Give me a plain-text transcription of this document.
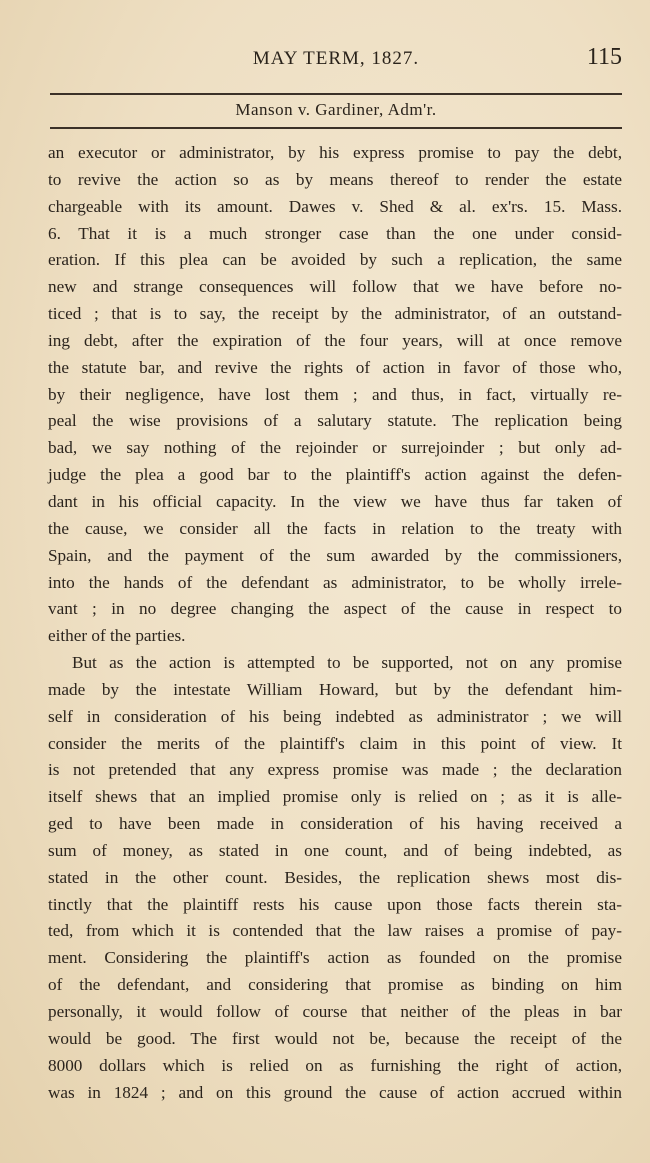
MAY TERM, 1827.	115
Manson v. Gardiner, Adm'r.
an executor or administrator, by his express promise to pay the debt,
to revive the action so as by means thereof to render the estate
chargeable with its amount. Dawes v. Shed & al. ex'rs. 15. Mass.
6. That it is a much stronger case than the one under consid-
eration. If this plea can be avoided by such a replication, the same
new and strange consequences will follow that we have before no-
ticed ; that is to say, the receipt by the administrator, of an outstand-
ing debt, after the expiration of the four years, will at once remove
the statute bar, and revive the rights of action in favor of those who,
by their negligence, have lost them ; and thus, in fact, virtually re-
peal the wise provisions of a salutary statute. The replication being
bad, we say nothing of the rejoinder or surrejoinder ; but only ad-
judge the plea a good bar to the plaintiff's action against the defen-
dant in his official capacity. In the view we have thus far taken of
the cause, we consider all the facts in relation to the treaty with
Spain, and the payment of the sum awarded by the commissioners,
into the hands of the defendant as administrator, to be wholly irrele-
vant ; in no degree changing the aspect of the cause in respect to
either of the parties.
But as the action is attempted to be supported, not on any promise
made by the intestate William Howard, but by the defendant him-
self in consideration of his being indebted as administrator ; we will
consider the merits of the plaintiff's claim in this point of view. It
is not pretended that any express promise was made ; the declaration
itself shews that an implied promise only is relied on ; as it is alle-
ged to have been made in consideration of his having received a
sum of money, as stated in one count, and of being indebted, as
stated in the other count. Besides, the replication shews most dis-
tinctly that the plaintiff rests his cause upon those facts therein sta-
ted, from which it is contended that the law raises a promise of pay-
ment. Considering the plaintiff's action as founded on the promise
of the defendant, and considering that promise as binding on him
personally, it would follow of course that neither of the pleas in bar
would be good. The first would not be, because the receipt of the
8000 dollars which is relied on as furnishing the right of action,
was in 1824 ; and on this ground the cause of action accrued within
